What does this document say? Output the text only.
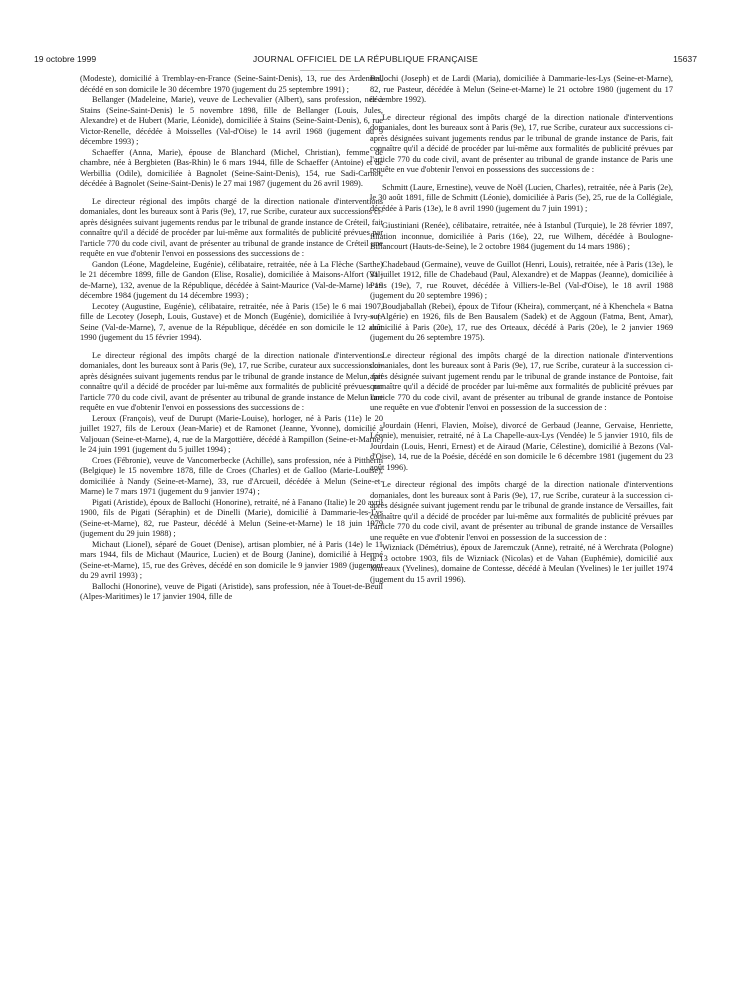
19 octobre 1999	JOURNAL OFFICIEL DE LA RÉPUBLIQUE FRANÇAISE	15637

(Modeste), domicilié à Tremblay-en-France (Seine-Saint-Denis), 13, rue des Ardennes, décédé en son domicile le 30 décembre 1970 (jugement du 25 septembre 1991) ;

Bellanger (Madeleine, Marie), veuve de Lechevalier (Albert), sans profession, née à Stains (Seine-Saint-Denis) le 5 novembre 1898, fille de Bellanger (Louis, Jules, Alexandre) et de Hubert (Marie, Léonide), domiciliée à Stains (Seine-Saint-Denis), 6, rue Victor-Renelle, décédée à Moisselles (Val-d'Oise) le 14 avril 1968 (jugement du 9 décembre 1993) ;

Schaeffer (Anna, Marie), épouse de Blanchard (Michel, Christian), femme de chambre, née à Bergbieten (Bas-Rhin) le 6 mars 1944, fille de Schaeffer (Antoine) et de Werbillia (Odile), domiciliée à Bagnolet (Seine-Saint-Denis), 154, rue Sadi-Carnot, décédée à Bagnolet (Seine-Saint-Denis) le 27 mai 1987 (jugement du 26 avril 1989).

Le directeur régional des impôts chargé de la direction nationale d'interventions domaniales, dont les bureaux sont à Paris (9e), 17, rue Scribe, curateur aux successions ci-après désignées suivant jugements rendus par le tribunal de grande instance de Créteil, fait connaître qu'il a décidé de procéder par lui-même aux formalités de publicité prévues par l'article 770 du code civil, avant de présenter au tribunal de grande instance de Créteil une requête en vue d'obtenir l'envoi en possessions des successions de :

Gandon (Léone, Magdeleine, Eugénie), célibataire, retraitée, née à La Flèche (Sarthe) le 21 décembre 1899, fille de Gandon (Elise, Rosalie), domiciliée à Maisons-Alfort (Val-de-Marne), 132, avenue de la République, décédée à Saint-Maurice (Val-de-Marne) le 19 décembre 1984 (jugement du 14 décembre 1993) ;

Lecotey (Augustine, Eugénie), célibataire, retraitée, née à Paris (15e) le 6 mai 1907, fille de Lecotey (Joseph, Louis, Gustave) et de Monch (Eugénie), domiciliée à Ivry-sur-Seine (Val-de-Marne), 7, avenue de la République, décédée en son domicile le 12 août 1990 (jugement du 15 février 1994).

Le directeur régional des impôts chargé de la direction nationale d'interventions domaniales, dont les bureaux sont à Paris (9e), 17, rue Scribe, curateur aux successions ci-après désignées suivant jugements rendus par le tribunal de grande instance de Melun, fait connaître qu'il a décidé de procéder par lui-même aux formalités de publicité prévues par l'article 770 du code civil, avant de présenter au tribunal de grande instance de Melun une requête en vue d'obtenir l'envoi en possessions des successions de :

Leroux (François), veuf de Durupt (Marie-Louise), horloger, né à Paris (11e) le 20 juillet 1927, fils de Leroux (Jean-Marie) et de Ramonet (Jeanne, Yvonne), domicilié à Valjouan (Seine-et-Marne), 4, rue de la Margottière, décédé à Rampillon (Seine-et-Marne) le 24 juin 1991 (jugement du 5 juillet 1994) ;

Croes (Fébronie), veuve de Vancomerbecke (Achille), sans profession, née à Pittherm (Belgique) le 15 novembre 1878, fille de Croes (Charles) et de Galloo (Marie-Louise), domiciliée à Nandy (Seine-et-Marne), 33, rue d'Arcueil, décédée à Melun (Seine-et-Marne) le 7 mars 1971 (jugement du 9 janvier 1974) ;

Pigati (Aristide), époux de Ballochi (Honorine), retraité, né à Fanano (Italie) le 20 avril 1900, fils de Pigati (Séraphin) et de Dinelli (Marie), domicilié à Dammarie-les-Lys (Seine-et-Marne), 82, rue Pasteur, décédé à Melun (Seine-et-Marne) le 18 juin 1979 (jugement du 29 juin 1988) ;

Michaut (Lionel), séparé de Gouet (Denise), artisan plombier, né à Paris (14e) le 11 mars 1944, fils de Michaut (Maurice, Lucien) et de Bourg (Janine), domicilié à Hermé (Seine-et-Marne), 15, rue des Grèves, décédé en son domicile le 9 janvier 1989 (jugement du 29 avril 1993) ;

Ballochi (Honorine), veuve de Pigati (Aristide), sans profession, née à Touet-de-Beuil (Alpes-Maritimes) le 17 janvier 1904, fille de

Ballochi (Joseph) et de Lardi (Maria), domiciliée à Dammarie-les-Lys (Seine-et-Marne), 82, rue Pasteur, décédée à Melun (Seine-et-Marne) le 21 octobre 1980 (jugement du 17 décembre 1992).

Le directeur régional des impôts chargé de la direction nationale d'interventions domaniales, dont les bureaux sont à Paris (9e), 17, rue Scribe, curateur aux successions ci-après désignées suivant jugements rendus par le tribunal de grande instance de Paris, fait connaître qu'il a décidé de procéder par lui-même aux formalités de publicité prévues par l'article 770 du code civil, avant de présenter au tribunal de grande instance de Paris une requête en vue d'obtenir l'envoi en possessions des successions de :

Schmitt (Laure, Ernestine), veuve de Noël (Lucien, Charles), retraitée, née à Paris (2e), le 30 août 1891, fille de Schmitt (Léonie), domiciliée à Paris (5e), 25, rue de la Collégiale, décédée à Paris (13e), le 8 avril 1990 (jugement du 7 juin 1991) ;

Giustiniani (Renée), célibataire, retraitée, née à Istanbul (Turquie), le 28 février 1897, filiation inconnue, domiciliée à Paris (16e), 22, rue Wilhem, décédée à Boulogne-Billancourt (Hauts-de-Seine), le 2 octobre 1984 (jugement du 14 mars 1986) ;

Chadebaud (Germaine), veuve de Guillot (Henri, Louis), retraitée, née à Paris (13e), le 31 juillet 1912, fille de Chadebaud (Paul, Alexandre) et de Mappas (Jeanne), domiciliée à Paris (19e), 7, rue Rouvet, décédée à Villiers-le-Bel (Val-d'Oise), le 18 avril 1988 (jugement du 20 septembre 1996) ;

Boudjaballah (Rebei), époux de Tifour (Kheira), commerçant, né à Khenchela « Batna » (Algérie) en 1926, fils de Ben Bausalem (Sadek) et de Aggoun (Fatma, Bent, Amar), domicilié à Paris (20e), 17, rue des Orteaux, décédé à Paris (20e), le 2 janvier 1969 (jugement du 26 septembre 1975).

Le directeur régional des impôts chargé de la direction nationale d'interventions domaniales, dont les bureaux sont à Paris (9e), 17, rue Scribe, curateur à la succession ci-après désignée suivant jugement rendu par le tribunal de grande instance de Pontoise, fait connaître qu'il a décidé de procéder par lui-même aux formalités de publicité prévues par l'article 770 du code civil, avant de présenter au tribunal de grande instance de Pontoise une requête en vue d'obtenir l'envoi en possession de la succession de :

Jourdain (Henri, Flavien, Moïse), divorcé de Gerbaud (Jeanne, Gervaise, Henriette, Léonie), menuisier, retraité, né à La Chapelle-aux-Lys (Vendée) le 5 janvier 1910, fils de Jourdain (Louis, Henri, Ernest) et de Airaud (Marie, Célestine), domicilié à Bezons (Val-d'Oise), 14, rue de la Poésie, décédé en son domicile le 6 décembre 1981 (jugement du 23 août 1996).

Le directeur régional des impôts chargé de la direction nationale d'interventions domaniales, dont les bureaux sont à Paris (9e), 17, rue Scribe, curateur à la succession ci-après désignée suivant jugement rendu par le tribunal de grande instance de Versailles, fait connaître qu'il a décidé de procéder par lui-même aux formalités de publicité prévues par l'article 770 du code civil, avant de présenter au tribunal de grande instance de Versailles une requête en vue d'obtenir l'envoi en possession de la succession de :

Wizniack (Démétrius), époux de Jaremczuk (Anne), retraité, né à Werchrata (Pologne) le 13 octobre 1903, fils de Wizniack (Nicolas) et de Vahan (Euphémie), domicilié aux Mureaux (Yvelines), domaine de Contesse, décédé à Meulan (Yvelines) le 1er juillet 1974 (jugement du 15 avril 1996).
